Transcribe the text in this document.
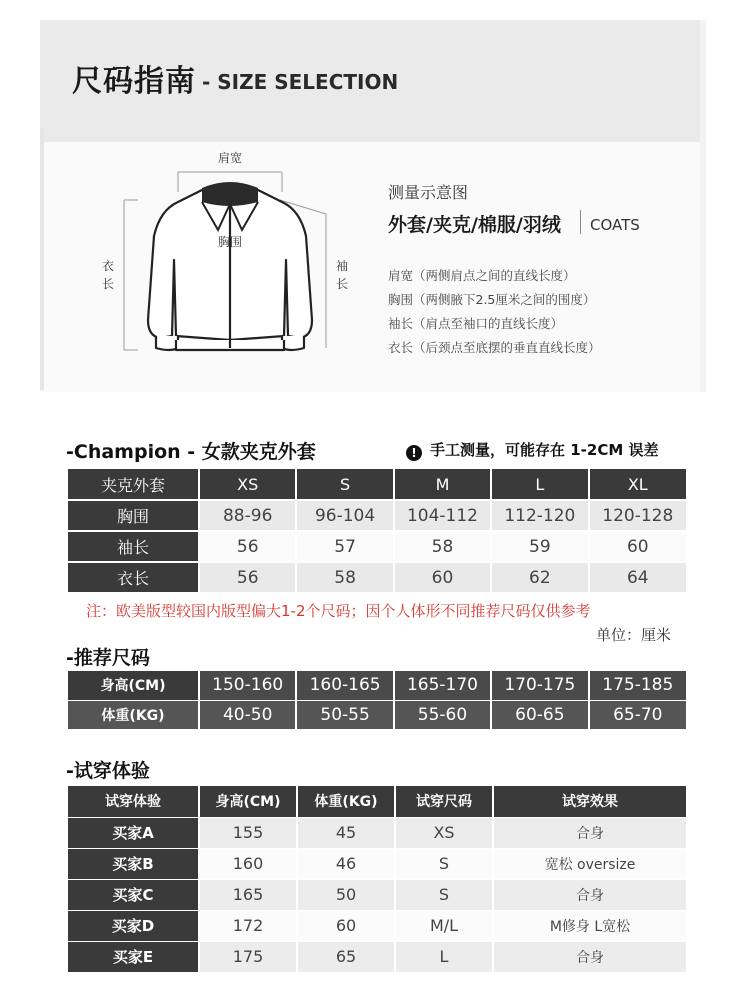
尺码指南 - SIZE SELECTION
肩宽
胸围
衣
长
袖
长
测量示意图
外套/夹克/棉服/羽绒 COATS
肩宽（两侧肩点之间的直线长度）
胸围（两侧腋下2.5厘米之间的围度）
袖长（肩点至袖口的直线长度）
衣长（后颈点至底摆的垂直直线长度）
-Champion - 女款夹克外套	! 手工测量，可能存在 1-2CM 误差
夹克外套	XS	S	M	L	XL
胸围	88-96	96-104	104-112	112-120	120-128
袖长	56	57	58	59	60
衣长	56	58	60	62	64
注：欧美版型较国内版型偏大1-2个尺码；因个人体形不同推荐尺码仅供参考
单位：厘米
-推荐尺码
身高(CM)	150-160	160-165	165-170	170-175	175-185
体重(KG)	40-50	50-55	55-60	60-65	65-70
-试穿体验
试穿体验	身高(CM)	体重(KG)	试穿尺码	试穿效果
买家A	155	45	XS	合身
买家B	160	46	S	宽松 oversize
买家C	165	50	S	合身
买家D	172	60	M/L	M修身 L宽松
买家E	175	65	L	合身
